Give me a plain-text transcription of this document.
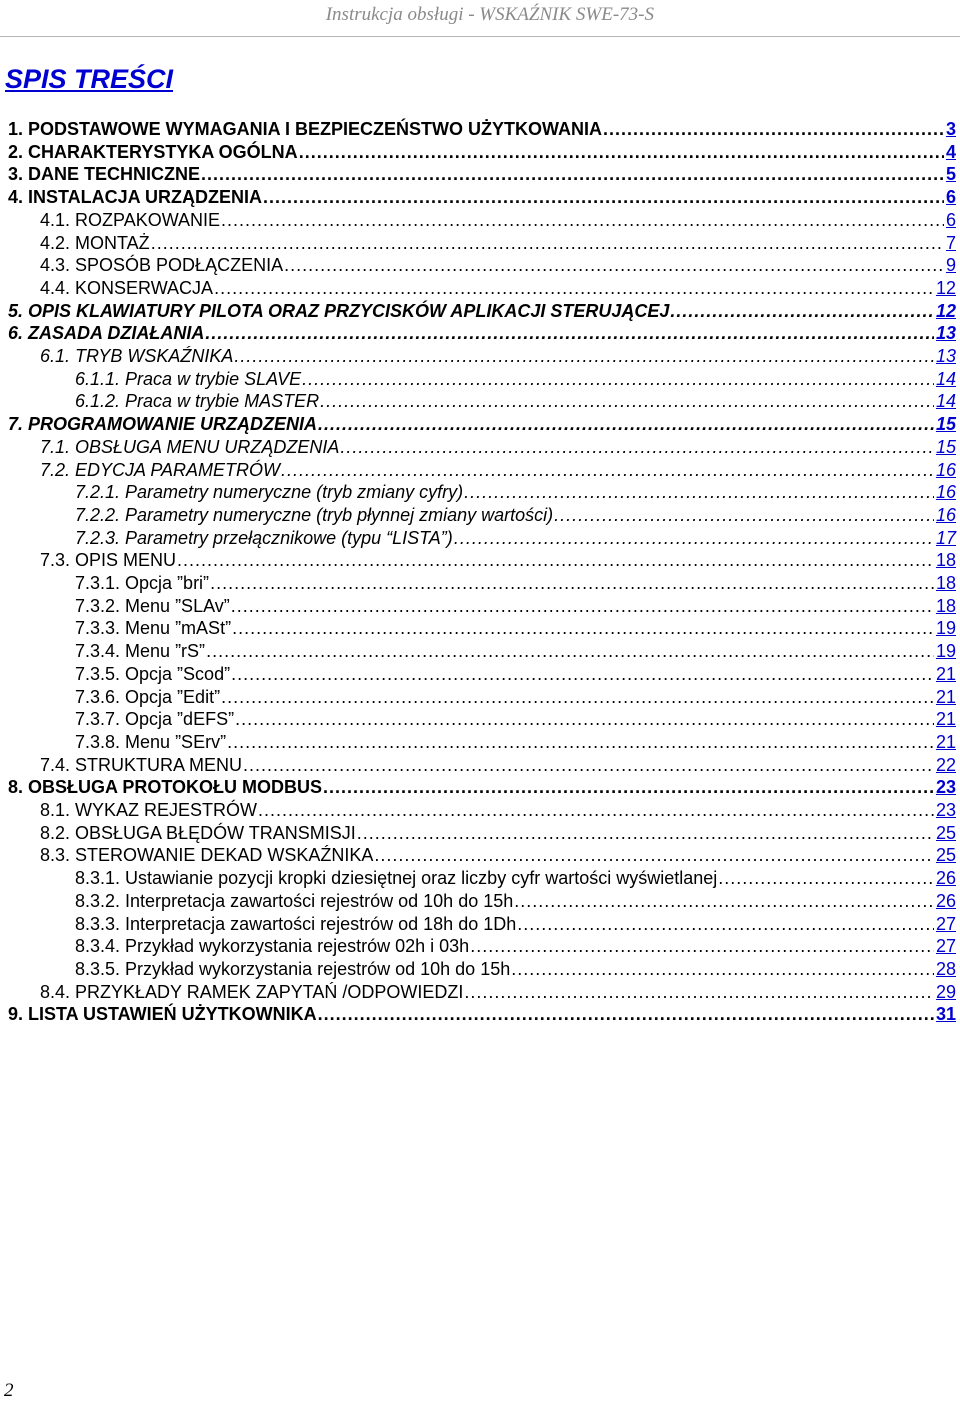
Instrukcja obsługi - WSKAŹNIK SWE-73-S
SPIS TREŚCI
1. PODSTAWOWE WYMAGANIA I BEZPIECZEŃSTWO UŻYTKOWANIA .....	3
2. CHARAKTERYSTYKA OGÓLNA .....	4
3. DANE TECHNICZNE .....	5
4. INSTALACJA URZĄDZENIA .....	6
4.1. ROZPAKOWANIE .....	6
4.2. MONTAŻ .....	7
4.3. SPOSÓB PODŁĄCZENIA .....	9
4.4. KONSERWACJA .....	12
5. OPIS KLAWIATURY PILOTA ORAZ PRZYCISKÓW APLIKACJI STERUJĄCEJ .....	12
6. ZASADA DZIAŁANIA .....	13
6.1. TRYB WSKAŹNIKA .....	13
6.1.1. Praca w trybie SLAVE .....	14
6.1.2. Praca w trybie MASTER .....	14
7. PROGRAMOWANIE URZĄDZENIA .....	15
7.1. OBSŁUGA MENU URZĄDZENIA .....	15
7.2. EDYCJA PARAMETRÓW .....	16
7.2.1. Parametry numeryczne (tryb zmiany cyfry) .....	16
7.2.2. Parametry numeryczne (tryb płynnej zmiany wartości) .....	16
7.2.3. Parametry przełącznikowe (typu “LISTA”) .....	17
7.3. OPIS MENU .....	18
7.3.1. Opcja ”bri” .....	18
7.3.2. Menu ”SLAv” .....	18
7.3.3. Menu ”mASt” .....	19
7.3.4. Menu ”rS” .....	19
7.3.5. Opcja ”Scod” .....	21
7.3.6. Opcja ”Edit” .....	21
7.3.7. Opcja ”dEFS” .....	21
7.3.8. Menu ”SErv” .....	21
7.4. STRUKTURA MENU .....	22
8. OBSŁUGA PROTOKOŁU MODBUS .....	23
8.1. WYKAZ REJESTRÓW .....	23
8.2. OBSŁUGA BŁĘDÓW TRANSMISJI .....	25
8.3. STEROWANIE DEKAD WSKAŹNIKA .....	25
8.3.1. Ustawianie pozycji kropki dziesiętnej oraz liczby cyfr wartości wyświetlanej .....	26
8.3.2. Interpretacja zawartości rejestrów od 10h do 15h .....	26
8.3.3. Interpretacja zawartości rejestrów od 18h do 1Dh .....	27
8.3.4. Przykład wykorzystania rejestrów 02h i 03h .....	27
8.3.5. Przykład wykorzystania rejestrów od 10h do 15h .....	28
8.4. PRZYKŁADY RAMEK ZAPYTAŃ /ODPOWIEDZI .....	29
9. LISTA USTAWIEŃ UŻYTKOWNIKA .....	31
2
